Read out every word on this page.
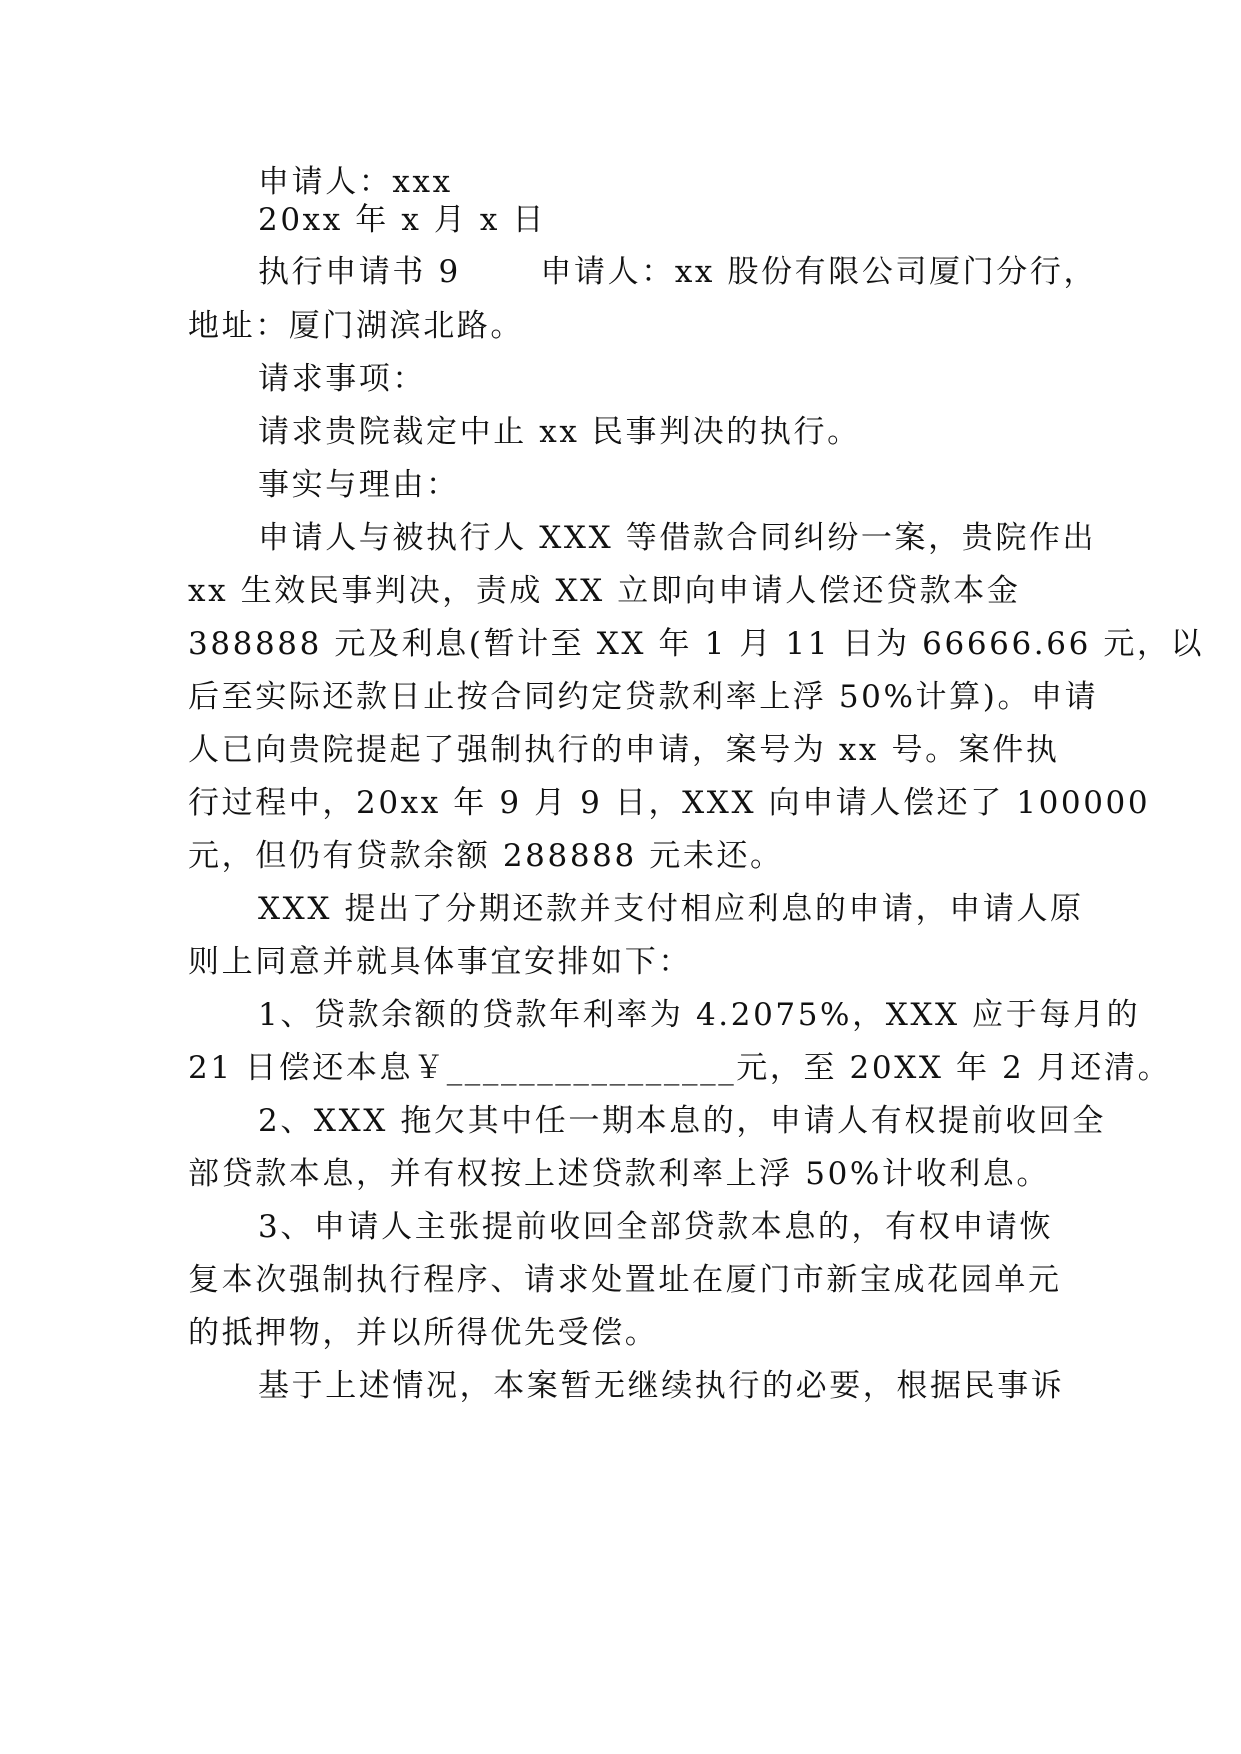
申请人：xxx
20xx 年 x 月 x 日
执行申请书 9　　 申请人：xx 股份有限公司厦门分行，
地址：厦门湖滨北路。
请求事项：
请求贵院裁定中止 xx 民事判决的执行。
事实与理由：
申请人与被执行人 XXX 等借款合同纠纷一案，贵院作出
xx 生效民事判决，责成 XX 立即向申请人偿还贷款本金
388888 元及利息(暂计至 XX 年 1 月 11 日为 66666.66 元，以
后至实际还款日止按合同约定贷款利率上浮 50%计算)。申请
人已向贵院提起了强制执行的申请，案号为 xx 号。案件执
行过程中，20xx 年 9 月 9 日，XXX 向申请人偿还了 100000
元，但仍有贷款余额 288888 元未还。
XXX 提出了分期还款并支付相应利息的申请，申请人原
则上同意并就具体事宜安排如下：
1、贷款余额的贷款年利率为 4.2075%，XXX 应于每月的
21 日偿还本息￥________________元，至 20XX 年 2 月还清。
2、XXX 拖欠其中任一期本息的，申请人有权提前收回全
部贷款本息，并有权按上述贷款利率上浮 50%计收利息。
3、申请人主张提前收回全部贷款本息的，有权申请恢
复本次强制执行程序、请求处置址在厦门市新宝成花园单元
的抵押物，并以所得优先受偿。
基于上述情况，本案暂无继续执行的必要，根据民事诉
